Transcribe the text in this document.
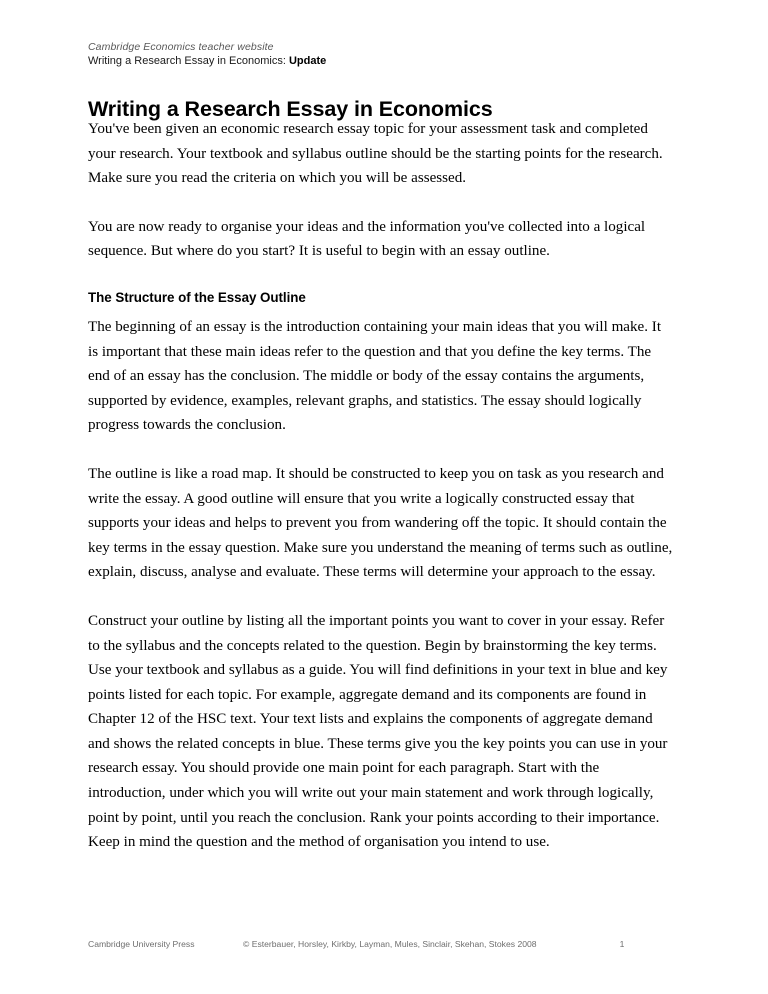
Cambridge Economics teacher website
Writing a Research Essay in Economics: Update
Writing a Research Essay in Economics

You've been given an economic research essay topic for your assessment task and completed your research. Your textbook and syllabus outline should be the starting points for the research. Make sure you read the criteria on which you will be assessed.

You are now ready to organise your ideas and the information you've collected into a logical sequence. But where do you start? It is useful to begin with an essay outline.

The Structure of the Essay Outline

The beginning of an essay is the introduction containing your main ideas that you will make. It is important that these main ideas refer to the question and that you define the key terms. The end of an essay has the conclusion. The middle or body of the essay contains the arguments, supported by evidence, examples, relevant graphs, and statistics. The essay should logically progress towards the conclusion.

The outline is like a road map. It should be constructed to keep you on task as you research and write the essay. A good outline will ensure that you write a logically constructed essay that supports your ideas and helps to prevent you from wandering off the topic. It should contain the key terms in the essay question. Make sure you understand the meaning of terms such as outline, explain, discuss, analyse and evaluate. These terms will determine your approach to the essay.

Construct your outline by listing all the important points you want to cover in your essay. Refer to the syllabus and the concepts related to the question. Begin by brainstorming the key terms.  Use your textbook and syllabus as a guide. You will find definitions in your text in blue and key points listed for each topic. For example, aggregate demand and its components are found in Chapter 12 of the HSC text. Your text lists and explains the components of aggregate demand and shows the related concepts in blue. These terms give you the key points you can use in your research essay. You should provide one main point for each paragraph. Start with the introduction, under which you will write out your main statement and work through logically, point by point, until you reach the conclusion. Rank your points according to their importance.  Keep in mind the question and the method of organisation you intend to use.

Cambridge University Press	© Esterbauer, Horsley, Kirkby, Layman, Mules, Sinclair, Skehan, Stokes 2008	1
